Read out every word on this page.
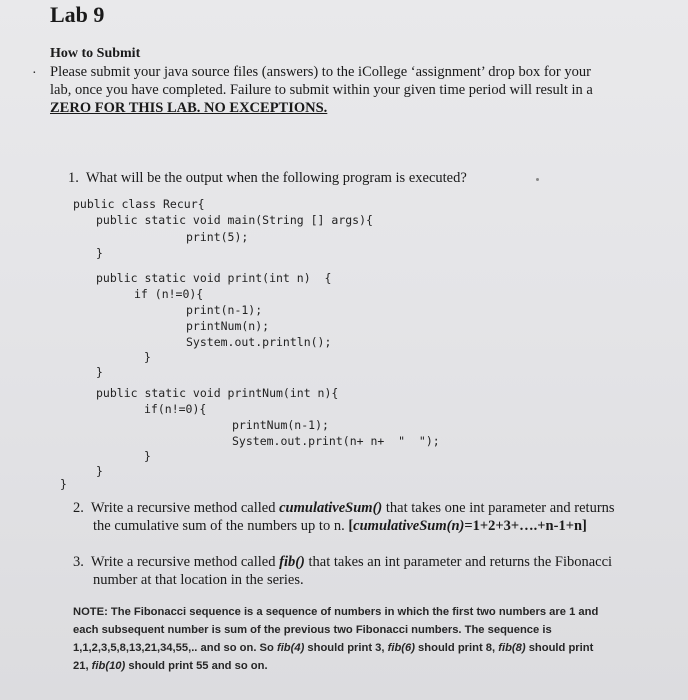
Lab 9
How to Submit
· Please submit your java source files (answers) to the iCollege ‘assignment’ drop box for your
lab, once you have completed. Failure to submit within your given time period will result in a
ZERO FOR THIS LAB. NO EXCEPTIONS.
1.  What will be the output when the following program is executed?
public class Recur{
public static void main(String [] args){
print(5);
}
public static void print(int n)  {
if (n!=0){
print(n-1);
printNum(n);
System.out.println();
}
}
public static void printNum(int n){
if(n!=0){
printNum(n-1);
System.out.print(n+ n+  "  ");
}
}
}
2.  Write a recursive method called cumulativeSum() that takes one int parameter and returns
the cumulative sum of the numbers up to n. [cumulativeSum(n)=1+2+3+….+n-1+n]
3.  Write a recursive method called fib() that takes an int parameter and returns the Fibonacci
number at that location in the series.
NOTE: The Fibonacci sequence is a sequence of numbers in which the first two numbers are 1 and
each subsequent number is sum of the previous two Fibonacci numbers. The sequence is
1,1,2,3,5,8,13,21,34,55,.. and so on. So fib(4) should print 3, fib(6) should print 8, fib(8) should print
21, fib(10) should print 55 and so on.
